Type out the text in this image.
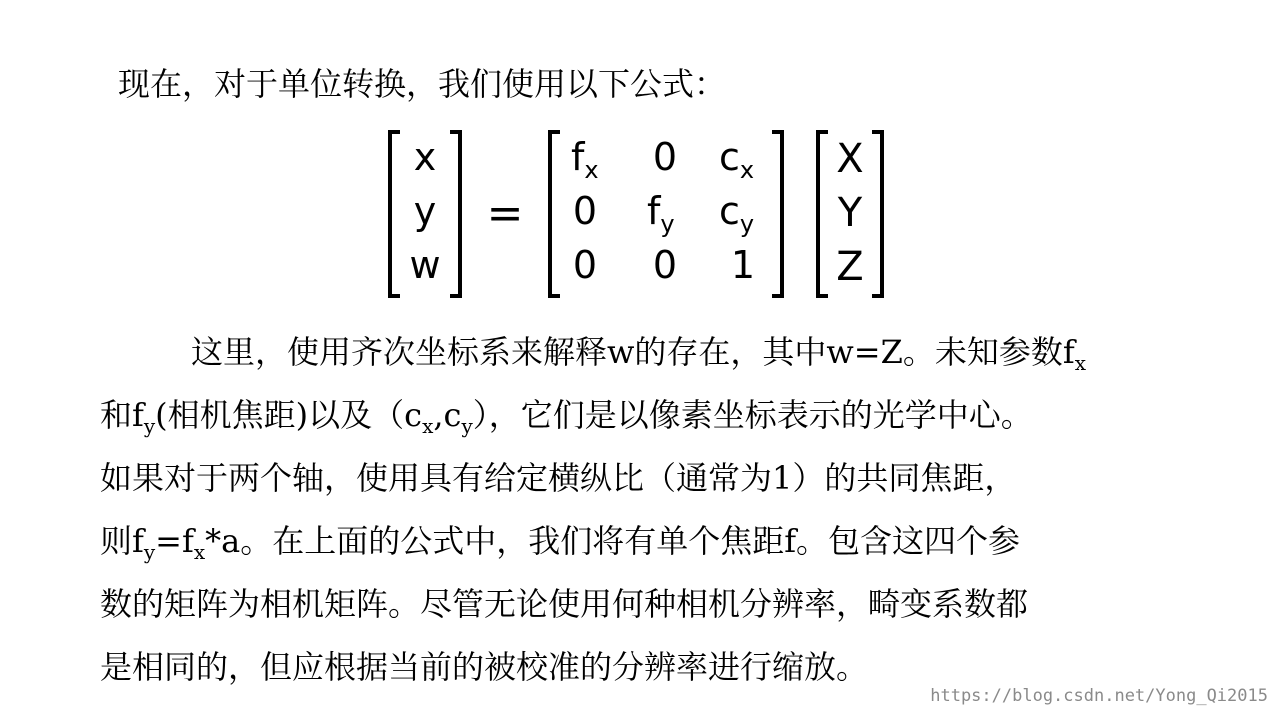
现在，对于单位转换，我们使用以下公式：
x
y
w
=
$f_x$ 0 $c_x$
0 $f_y$ $c_y$
0 0 1
X
Y
Z
这里，使用齐次坐标系来解释w的存在，其中w=Z。未知参数$f_x$
和$f_y$(相机焦距)以及$(c_x,c_y)$，它们是以像素坐标表示的光学中心。
如果对于两个轴，使用具有给定横纵比（通常为1）的共同焦距，
则$f_y=f_x*a$。在上面的公式中，我们将有单个焦距f。包含这四个参
数的矩阵为相机矩阵。尽管无论使用何种相机分辨率，畸变系数都
是相同的，但应根据当前的被校准的分辨率进行缩放。
https://blog.csdn.net/Yong_Qi2015
